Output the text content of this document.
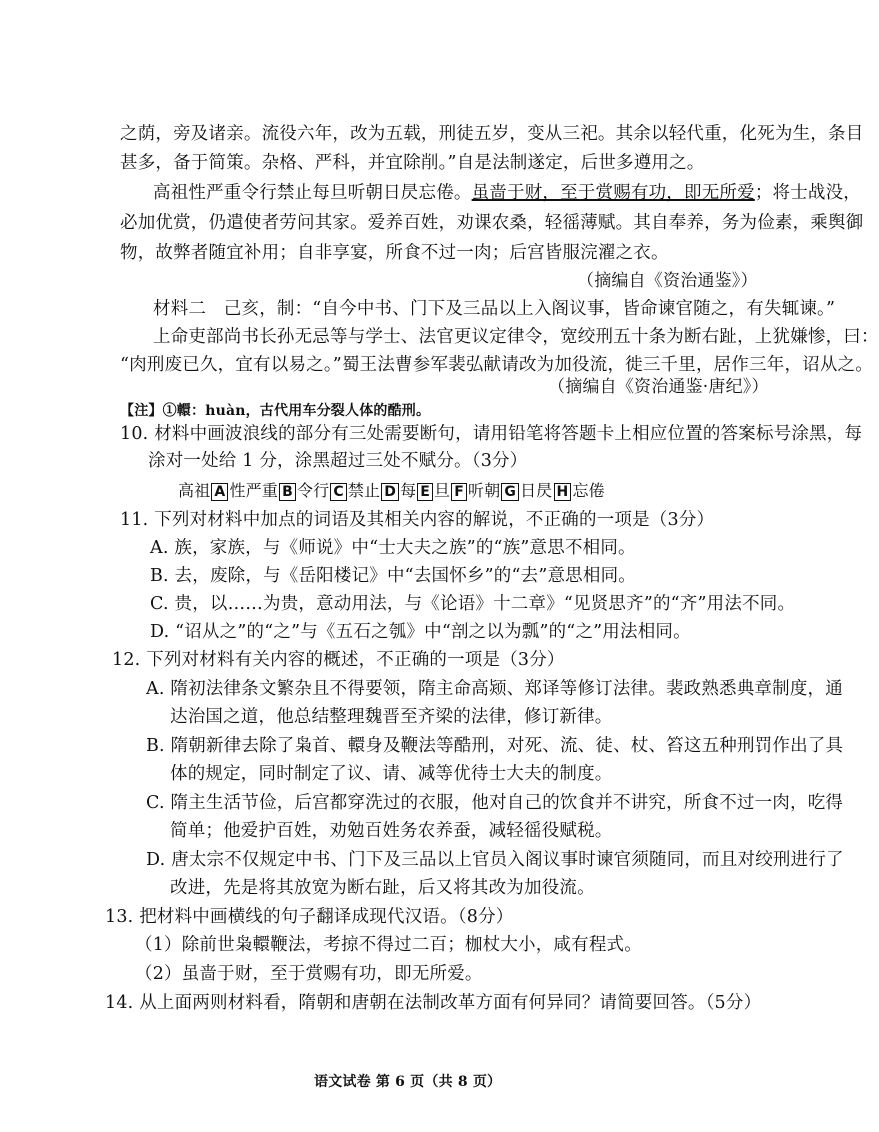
之荫，旁及诸亲。流役六年，改为五载，刑徒五岁，变从三祀。其余以轻代重，化死为生，条目

甚多，备于简策。杂格、严科，并宜除削。”自是法制遂定，后世多遵用之。

高祖性严重令行禁止每旦听朝日昃忘倦。虽啬于财，至于赏赐有功，即无所爱；将士战没，

必加优赏，仍遣使者劳问其家。爱养百姓，劝课农桑，轻徭薄赋。其自奉养，务为俭素，乘舆御

物，故弊者随宜补用；自非享宴，所食不过一肉；后宫皆服浣濯之衣。

（摘编自《资治通鉴》）

材料二　己亥，制：“自今中书、门下及三品以上入阁议事，皆命谏官随之，有失辄谏。”

上命吏部尚书长孙无忌等与学士、法官更议定律令，宽绞刑五十条为断右趾，上犹嫌惨，曰：

“肉刑废已久，宜有以易之。”蜀王法曹参军裴弘献请改为加役流，徙三千里，居作三年，诏从之。

（摘编自《资治通鉴·唐纪》）

【注】①轘：huàn，古代用车分裂人体的酷刑。

10. 材料中画波浪线的部分有三处需要断句，请用铅笔将答题卡上相应位置的答案标号涂黑，每

涂对一处给 1 分，涂黑超过三处不赋分。（3分）

高祖 A 性严重 B 令行 C 禁止 D 每 E 旦 F 听朝 G 日昃 H 忘倦

11. 下列对材料中加点的词语及其相关内容的解说，不正确的一项是（3分）

A. 族，家族，与《师说》中“士大夫之族”的“族”意思不相同。

B. 去，废除，与《岳阳楼记》中“去国怀乡”的“去”意思相同。

C. 贵，以……为贵，意动用法，与《论语》十二章》“见贤思齐”的“齐”用法不同。

D. “诏从之”的“之”与《五石之瓠》中“剖之以为瓢”的“之”用法相同。

12. 下列对材料有关内容的概述，不正确的一项是（3分）

A. 隋初法律条文繁杂且不得要领，隋主命高颎、郑译等修订法律。裴政熟悉典章制度，通

达治国之道，他总结整理魏晋至齐梁的法律，修订新律。

B. 隋朝新律去除了枭首、轘身及鞭法等酷刑，对死、流、徒、杖、笞这五种刑罚作出了具

体的规定，同时制定了议、请、减等优待士大夫的制度。

C. 隋主生活节俭，后宫都穿洗过的衣服，他对自己的饮食并不讲究，所食不过一肉，吃得

简单；他爱护百姓，劝勉百姓务农养蚕，减轻徭役赋税。

D. 唐太宗不仅规定中书、门下及三品以上官员入阁议事时谏官须随同，而且对绞刑进行了

改进，先是将其放宽为断右趾，后又将其改为加役流。

13. 把材料中画横线的句子翻译成现代汉语。（8分）

（1）除前世枭轘鞭法，考掠不得过二百；枷杖大小，咸有程式。

（2）虽啬于财，至于赏赐有功，即无所爱。

14. 从上面两则材料看，隋朝和唐朝在法制改革方面有何异同？请简要回答。（5分）

语文试卷 第 6 页（共 8 页）
